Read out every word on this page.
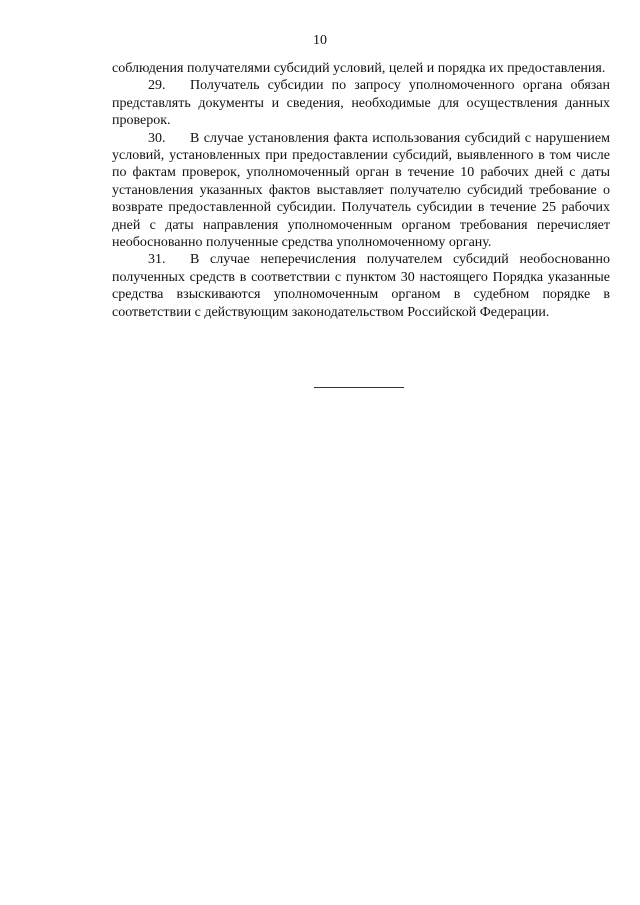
10

соблюдения получателями субсидий условий, целей и порядка их предоставления.

29. Получатель субсидии по запросу уполномоченного органа обязан представлять документы и сведения, необходимые для осуществления данных проверок.

30. В случае установления факта использования субсидий с нарушением условий, установленных при предоставлении субсидий, выявленного в том числе по фактам проверок, уполномоченный орган в течение 10 рабочих дней с даты установления указанных фактов выставляет получателю субсидий требование о возврате предоставленной субсидии. Получатель субсидии в течение 25 рабочих дней с даты направления уполномоченным органом требования перечисляет необоснованно полученные средства уполномоченному органу.

31. В случае неперечисления получателем субсидий необоснованно полученных средств в соответствии с пунктом 30 настоящего Порядка указанные средства взыскиваются уполномоченным органом в судебном порядке в соответствии с действующим законодательством Российской Федерации.
